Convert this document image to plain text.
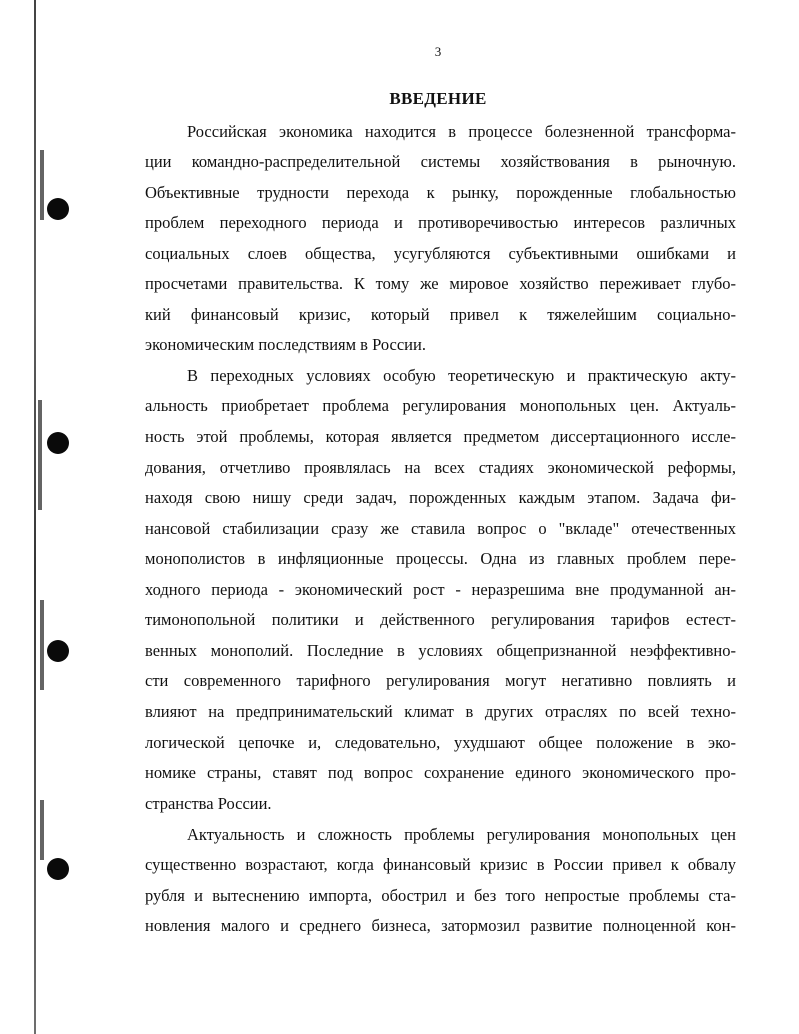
3
ВВЕДЕНИЕ
Российская экономика находится в процессе болезненной трансформа-
ции командно-распределительной системы хозяйствования в рыночную.
Объективные трудности перехода к рынку, порожденные глобальностью
проблем переходного периода и противоречивостью интересов различных
социальных слоев общества, усугубляются субъективными ошибками и
просчетами правительства. К тому же мировое хозяйство переживает глубо-
кий финансовый кризис, который привел к тяжелейшим социально-
экономическим последствиям в России.
В переходных условиях особую теоретическую и практическую акту-
альность приобретает проблема регулирования монопольных цен. Актуаль-
ность этой проблемы, которая является предметом диссертационного иссле-
дования, отчетливо проявлялась на всех стадиях экономической реформы,
находя свою нишу среди задач, порожденных каждым этапом. Задача фи-
нансовой стабилизации сразу же ставила вопрос о "вкладе" отечественных
монополистов в инфляционные процессы. Одна из главных проблем пере-
ходного периода - экономический рост - неразрешима вне продуманной ан-
тимонопольной политики и действенного регулирования тарифов естест-
венных монополий. Последние в условиях общепризнанной неэффективно-
сти современного тарифного регулирования могут негативно повлиять и
влияют на предпринимательский климат в других отраслях по всей техно-
логической цепочке и, следовательно, ухудшают общее положение в эко-
номике страны, ставят под вопрос сохранение единого экономического про-
странства России.
Актуальность и сложность проблемы регулирования монопольных цен
существенно возрастают, когда финансовый кризис в России привел к обвалу
рубля и вытеснению импорта, обострил и без того непростые проблемы ста-
новления малого и среднего бизнеса, затормозил развитие полноценной кон-
